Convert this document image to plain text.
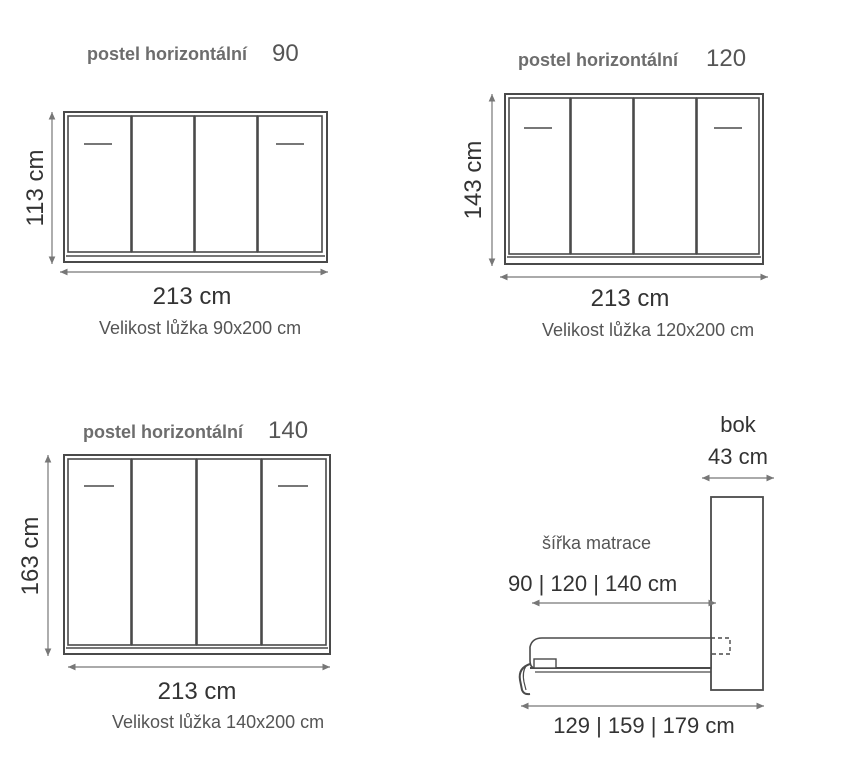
postel horizontální 90
113 cm
213 cm
Velikost lůžka 90x200 cm
postel horizontální 120
143 cm
213 cm
Velikost lůžka 120x200 cm
postel horizontální 140
163 cm
213 cm
Velikost lůžka 140x200 cm
bok
43 cm
šířka matrace
90 | 120 | 140 cm
129 | 159 | 179 cm
